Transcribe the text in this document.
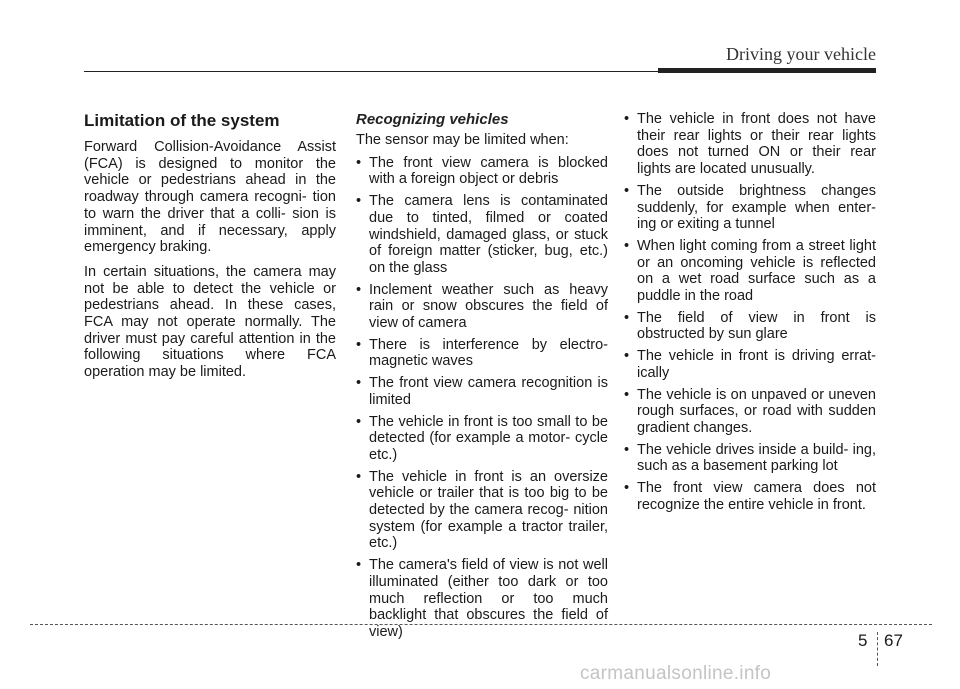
Driving your vehicle
Limitation of the system

Forward Collision-Avoidance Assist (FCA) is designed to monitor the vehicle or pedestrians ahead in the roadway through camera recogni- tion to warn the driver that a colli- sion is imminent, and if necessary, apply emergency braking.

In certain situations, the camera may not be able to detect the vehicle or pedestrians ahead. In these cases, FCA may not operate normally. The driver must pay careful attention in the following situations where FCA operation may be limited.

Recognizing vehicles

The sensor may be limited when:

• The front view camera is blocked with a foreign object or debris
• The camera lens is contaminated due to tinted, filmed or coated windshield, damaged glass, or stuck of foreign matter (sticker, bug, etc.) on the glass
• Inclement weather such as heavy rain or snow obscures the field of view of camera
• There is interference by electro- magnetic waves
• The front view camera recognition is limited
• The vehicle in front is too small to be detected (for example a motor- cycle etc.)
• The vehicle in front is an oversize vehicle or trailer that is too big to be detected by the camera recog- nition system (for example a tractor trailer, etc.)
• The camera's field of view is not well illuminated (either too dark or too much reflection or too much backlight that obscures the field of view)
• The vehicle in front does not have their rear lights or their rear lights does not turned ON or their rear lights are located unusually.
• The outside brightness changes suddenly, for example when enter- ing or exiting a tunnel
• When light coming from a street light or an oncoming vehicle is reflected on a wet road surface such as a puddle in the road
• The field of view in front is obstructed by sun glare
• The vehicle in front is driving errat- ically
• The vehicle is on unpaved or uneven rough surfaces, or road with sudden gradient changes.
• The vehicle drives inside a build- ing, such as a basement parking lot
• The front view camera does not recognize the entire vehicle in front.
5 67
carmanualsonline.info
